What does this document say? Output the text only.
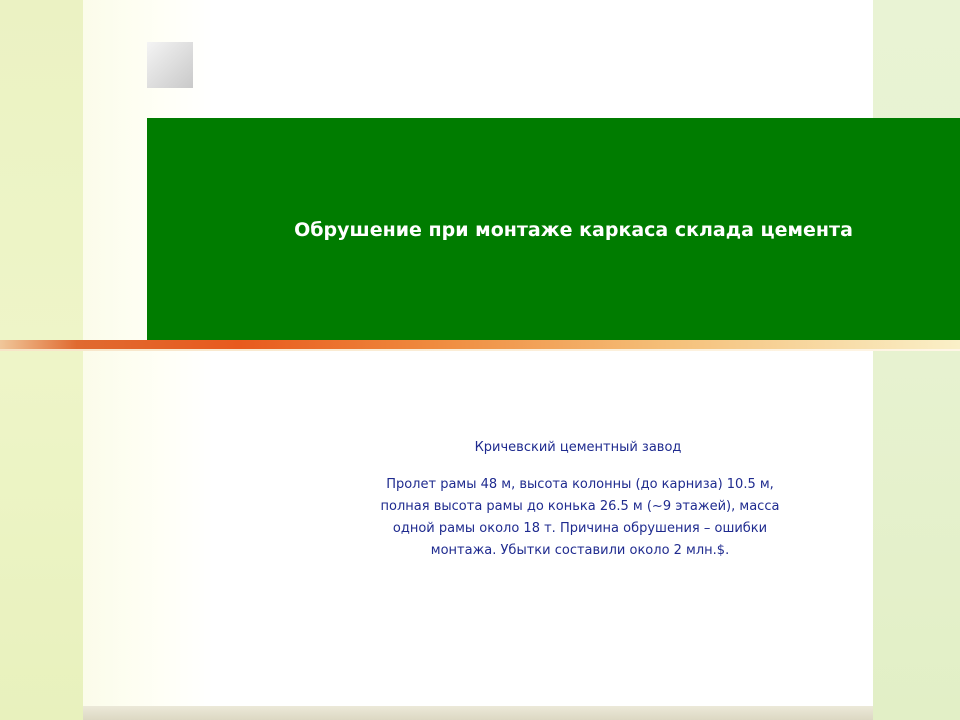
Обрушение при монтаже каркаса склада цемента
Кричевский цементный завод
Пролет рамы 48 м, высота колонны (до карниза) 10.5 м, полная высота рамы до конька 26.5 м (~9 этажей), масса одной рамы около 18 т. Причина обрушения – ошибки монтажа. Убытки составили около 2 млн.$.
